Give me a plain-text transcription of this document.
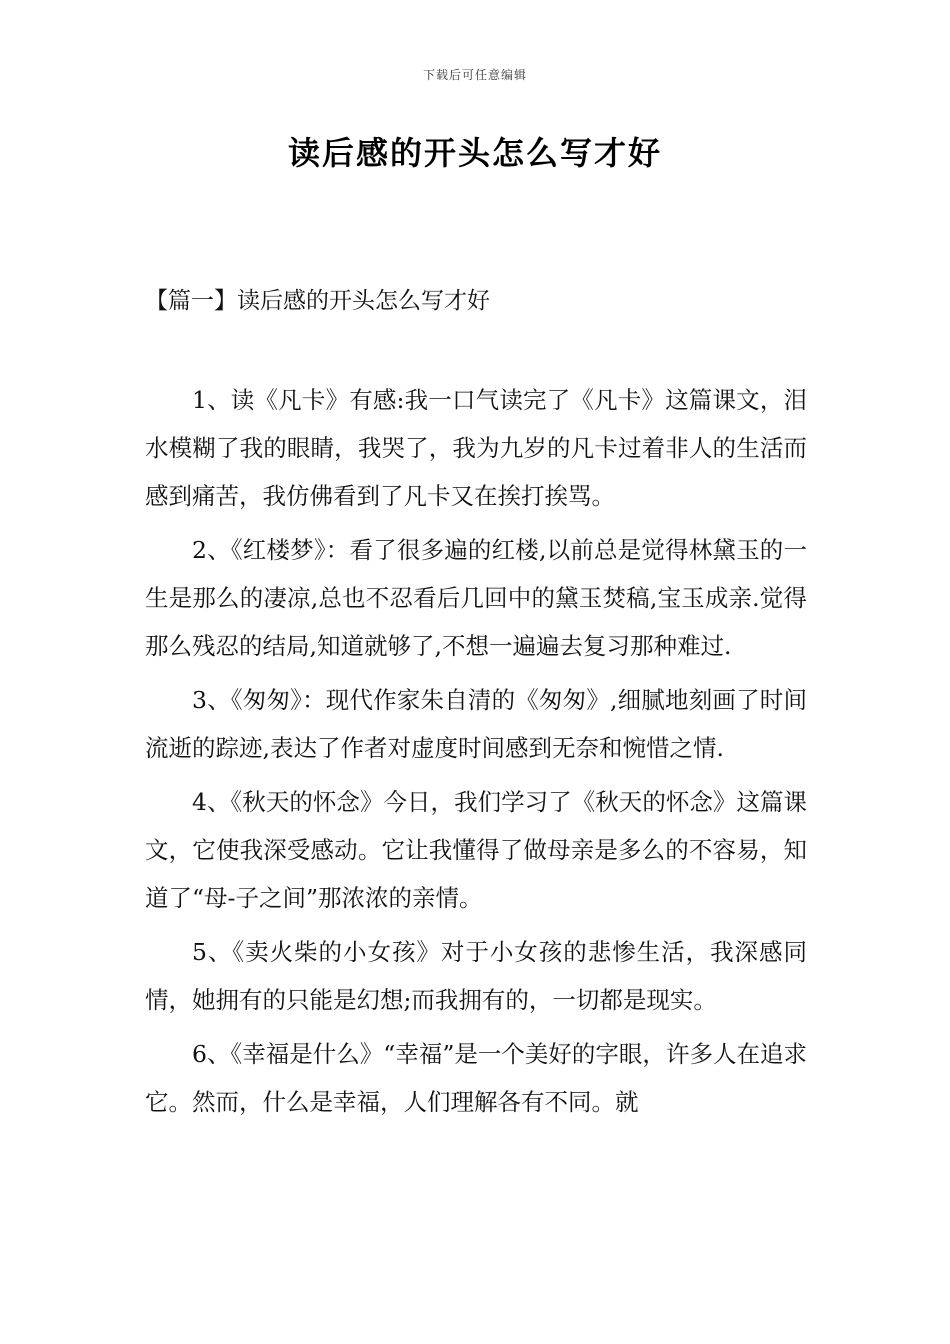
下载后可任意编辑
读后感的开头怎么写才好
【篇一】读后感的开头怎么写才好

1、读《凡卡》有感:我一口气读完了《凡卡》这篇课文，泪水模糊了我的眼睛，我哭了，我为九岁的凡卡过着非人的生活而感到痛苦，我仿佛看到了凡卡又在挨打挨骂。

2、《红楼梦》：看了很多遍的红楼,以前总是觉得林黛玉的一生是那么的凄凉,总也不忍看后几回中的黛玉焚稿,宝玉成亲.觉得那么残忍的结局,知道就够了,不想一遍遍去复习那种难过.

3、《匆匆》：现代作家朱自清的《匆匆》,细腻地刻画了时间流逝的踪迹,表达了作者对虚度时间感到无奈和惋惜之情.

4、《秋天的怀念》今日，我们学习了《秋天的怀念》这篇课文，它使我深受感动。它让我懂得了做母亲是多么的不容易，知道了“母-子之间”那浓浓的亲情。

5、《卖火柴的小女孩》对于小女孩的悲惨生活，我深感同情，她拥有的只能是幻想;而我拥有的，一切都是现实。

6、《幸福是什么》“幸福”是一个美好的字眼，许多人在追求它。然而，什么是幸福，人们理解各有不同。就
